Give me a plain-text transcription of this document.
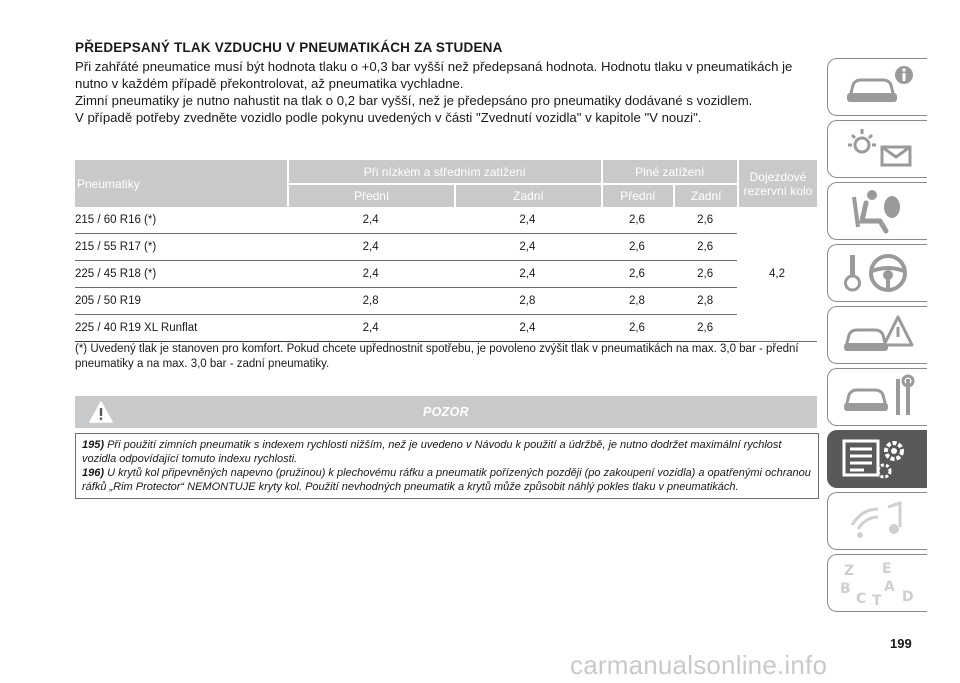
PŘEDEPSANÝ TLAK VZDUCHU V PNEUMATIKÁCH ZA STUDENA

Při zahřáté pneumatice musí být hodnota tlaku o +0,3 bar vyšší než předepsaná hodnota. Hodnotu tlaku v pneumatikách je nutno v každém případě překontrolovat, až pneumatika vychladne.

Zimní pneumatiky je nutno nahustit na tlak o 0,2 bar vyšší, než je předepsáno pro pneumatiky dodávané s vozidlem.

V případě potřeby zvedněte vozidlo podle pokynu uvedených v části "Zvednutí vozidla" v kapitole "V nouzi".

Pneumatiky	Při nízkém a středním zatížení		Plné zatížení		Dojezdové rezervní kolo
	Přední	Zadní	Přední	Zadní	
215 / 60 R16 (*)	2,4	2,4	2,6	2,6	4,2
215 / 55 R17 (*)	2,4	2,4	2,6	2,6	
225 / 45 R18 (*)	2,4	2,4	2,6	2,6	
205 / 50 R19	2,8	2,8	2,8	2,8	
225 / 40 R19 XL Runflat	2,4	2,4	2,6	2,6	
(*) Uvedený tlak je stanoven pro komfort. Pokud chcete upřednostnit spotřebu, je povoleno zvýšit tlak v pneumatikách na max. 3,0 bar - přední pneumatiky a na max. 3,0 bar - zadní pneumatiky.
POZOR

195) Při použití zimních pneumatik s indexem rychlosti nižším, než je uvedeno v Návodu k použití a údržbě, je nutno dodržet maximální rychlost vozidla odpovídající tomuto indexu rychlosti.

196) U krytů kol připevněných napevno (pružinou) k plechovému ráfku a pneumatik pořízených později (po zakoupení vozidla) a opatřenými ochranou ráfků „Rim Protector“ NEMONTUJE kryty kol. Použití nevhodných pneumatik a krytů může způsobit náhlý pokles tlaku v pneumatikách.

Z E
B A
C T D
199
carmanualsonline.info
